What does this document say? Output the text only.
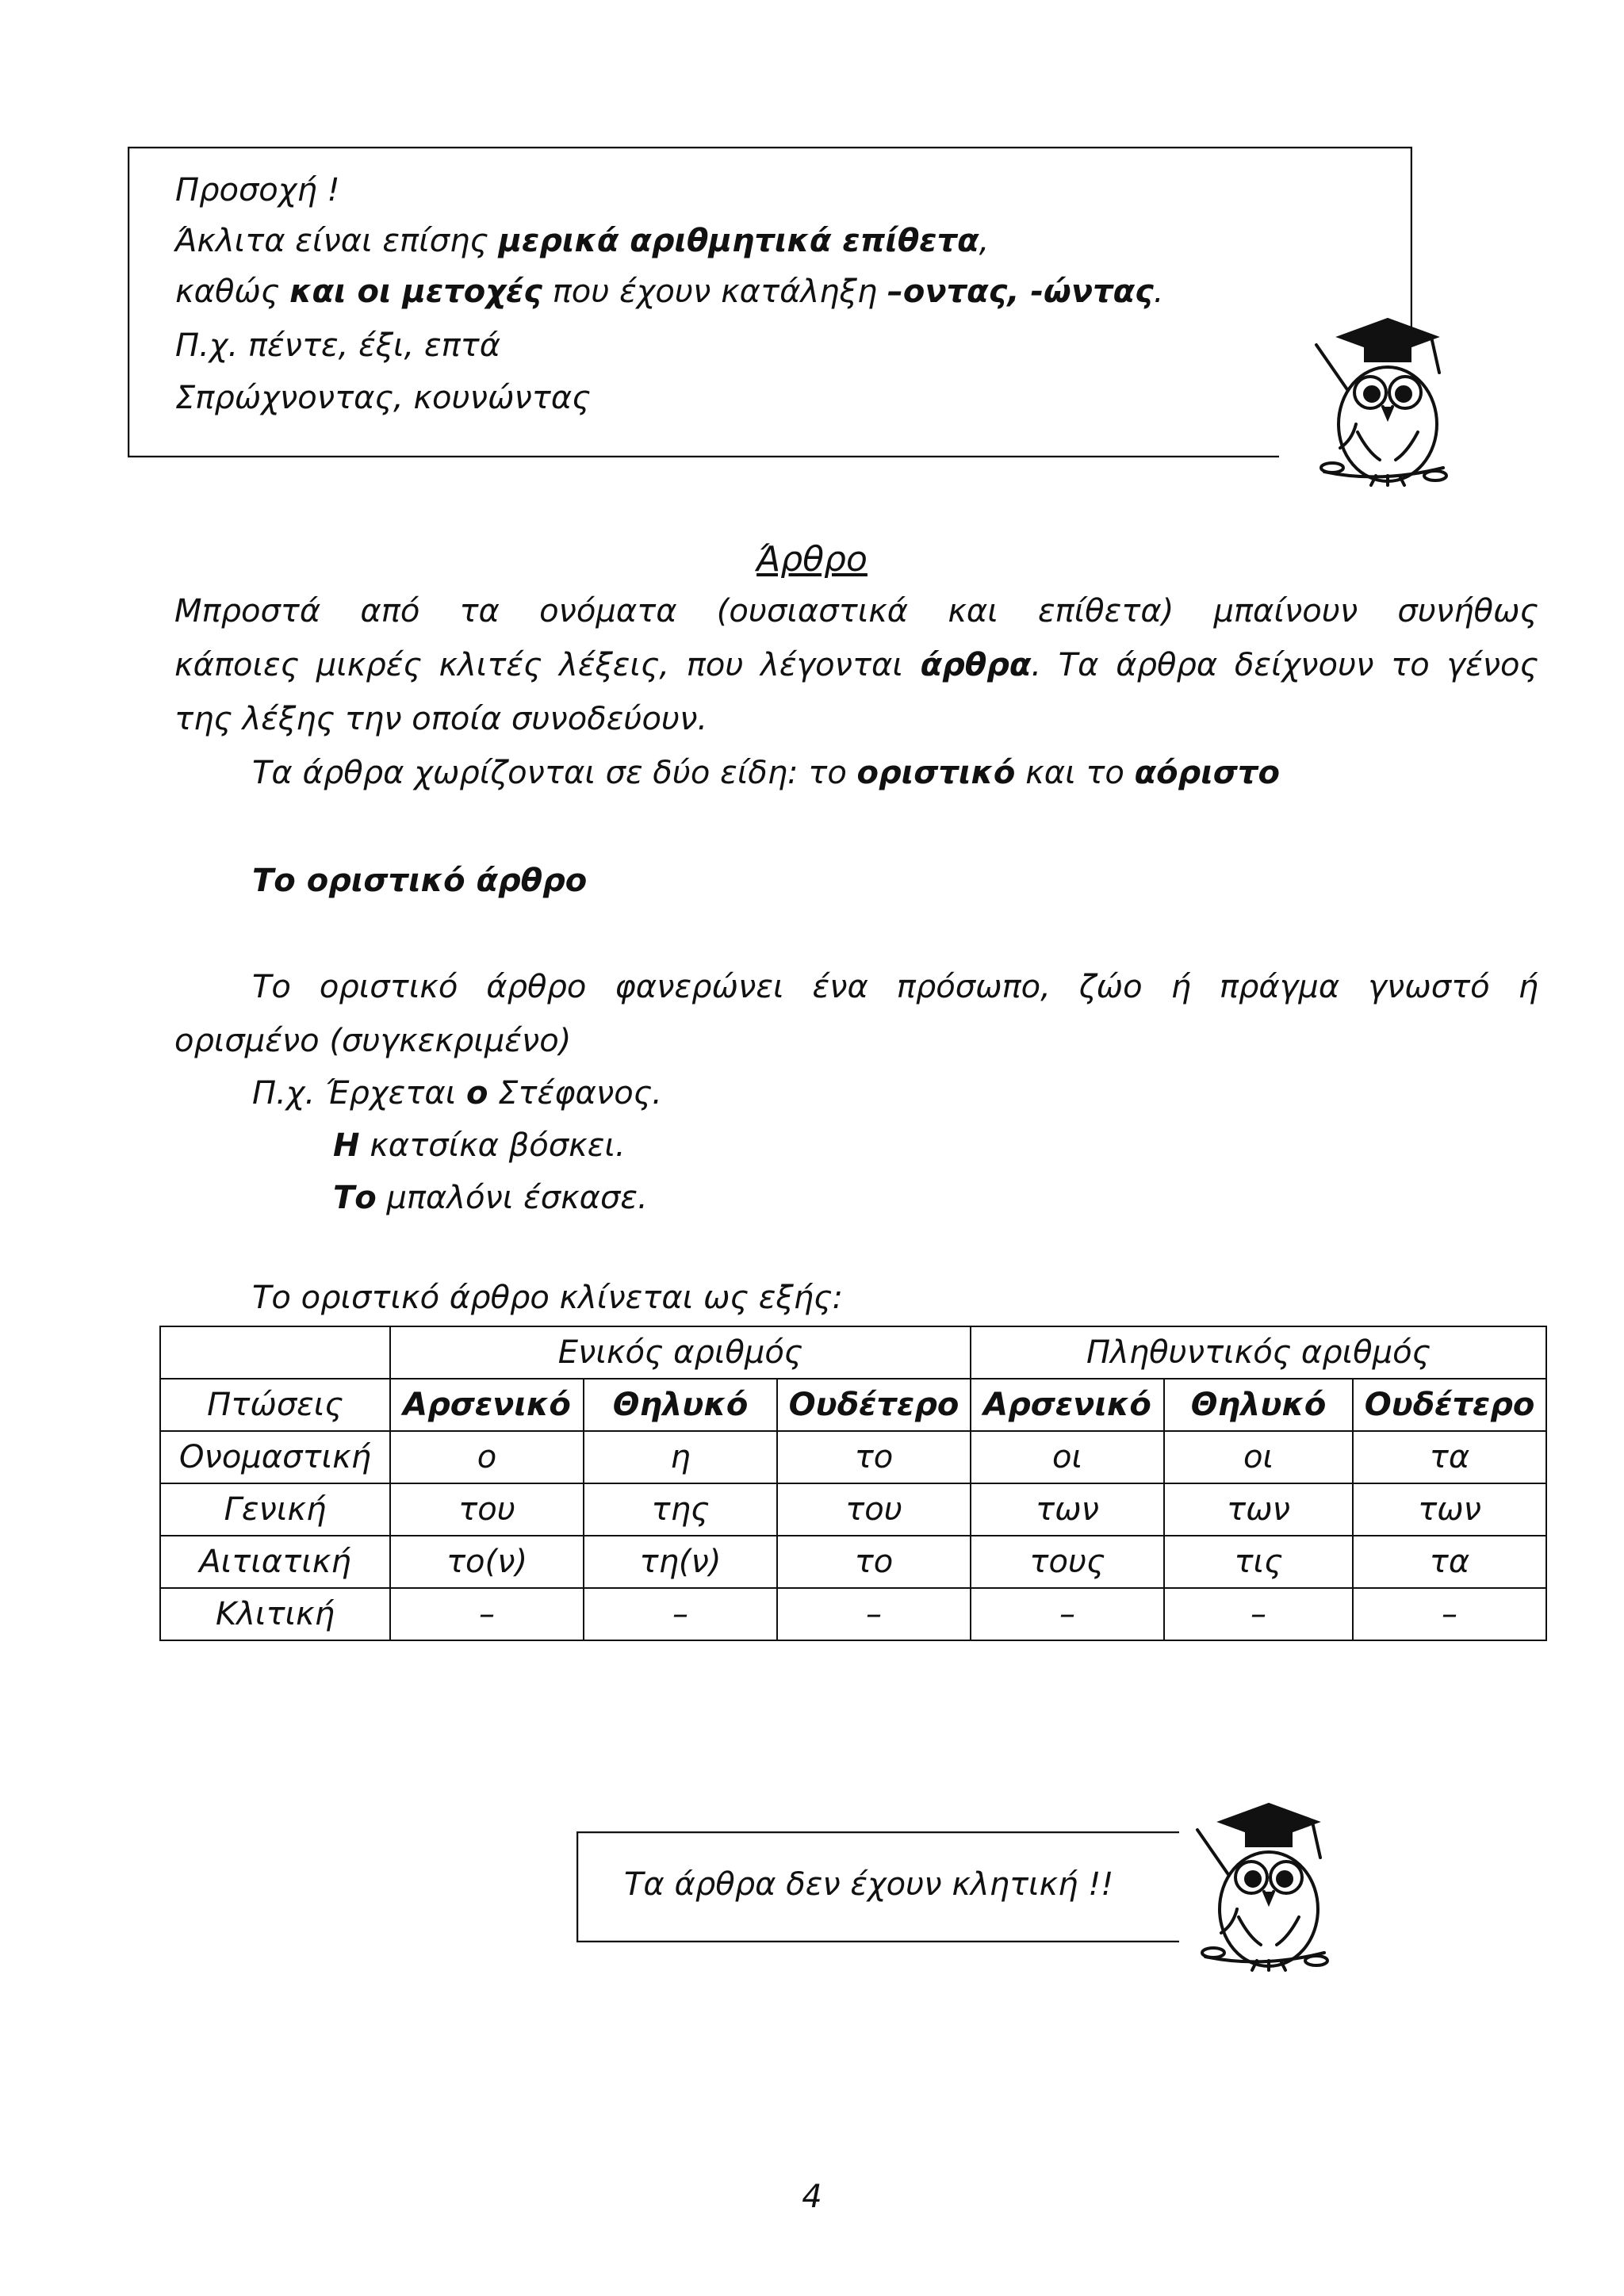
Προσοχή !
Άκλιτα είναι επίσης μερικά αριθμητικά επίθετα,
καθώς και οι μετοχές που έχουν κατάληξη –οντας, -ώντας.
Π.χ. πέντε, έξι, επτά
Σπρώχνοντας, κουνώντας
Άρθρο
Μπροστά από τα ονόματα (ουσιαστικά και επίθετα) μπαίνουν συνήθως
κάποιες μικρές κλιτές λέξεις, που λέγονται άρθρα. Τα άρθρα δείχνουν το γένος
της λέξης την οποία συνοδεύουν.
Τα άρθρα χωρίζονται σε δύο είδη: το οριστικό και το αόριστο
Το οριστικό άρθρο
Το οριστικό άρθρο φανερώνει ένα πρόσωπο, ζώο ή πράγμα γνωστό ή
ορισμένο (συγκεκριμένο)
Π.χ. Έρχεται ο Στέφανος.
Η κατσίκα βόσκει.
Το μπαλόνι έσκασε.
Το οριστικό άρθρο κλίνεται ως εξής:
	Ενικός αριθμός			Πληθυντικός αριθμός		
Πτώσεις	Αρσενικό	Θηλυκό	Ουδέτερο	Αρσενικό	Θηλυκό	Ουδέτερο
Ονομαστική	ο	η	το	οι	οι	τα
Γενική	του	της	του	των	των	των
Αιτιατική	το(ν)	τη(ν)	το	τους	τις	τα
Κλιτική	–	–	–	–	–	–
Τα άρθρα δεν έχουν κλητική !!
4
